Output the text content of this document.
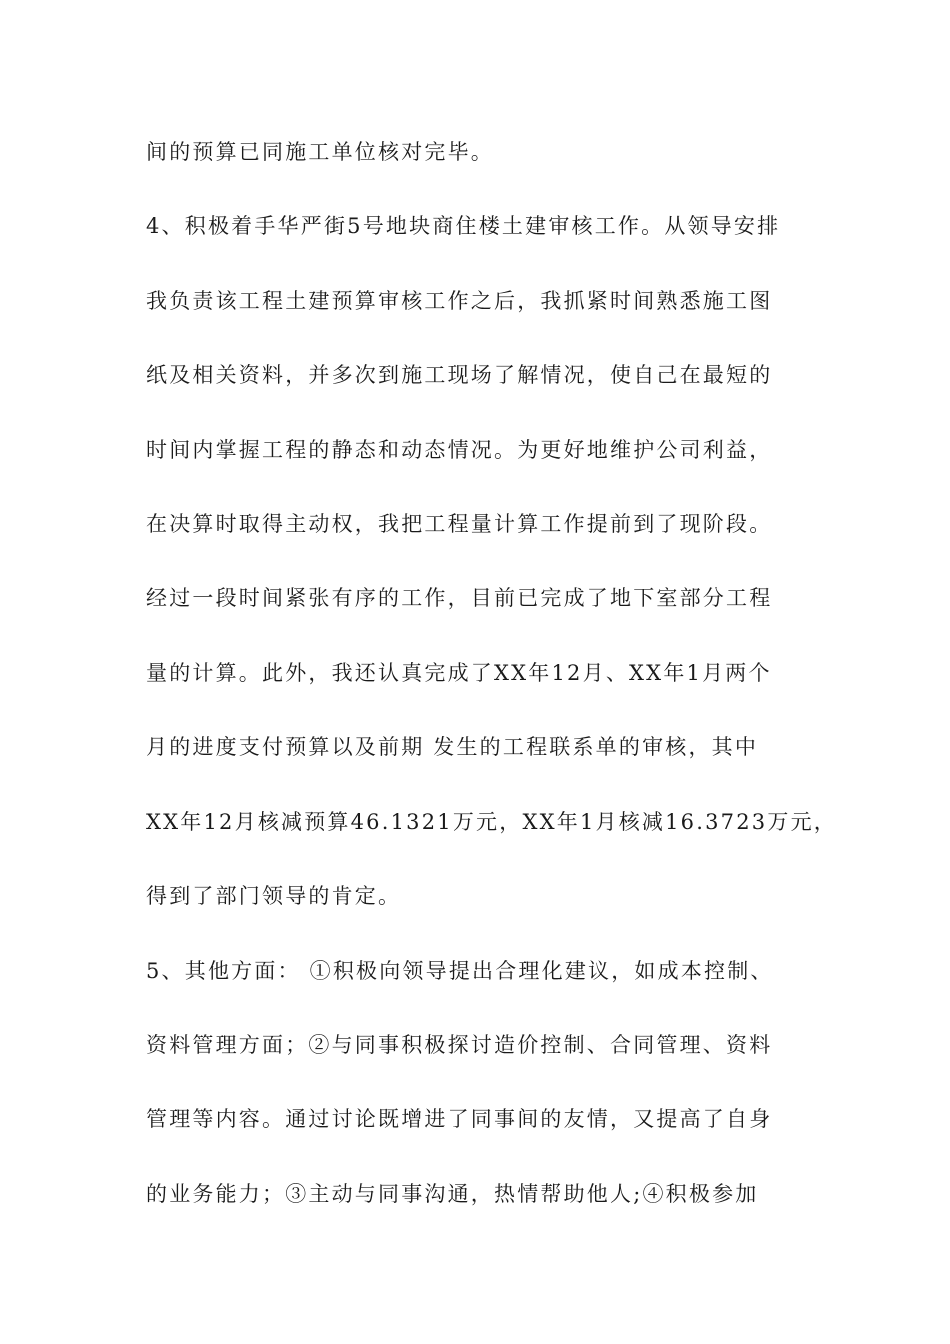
间的预算已同施工单位核对完毕。
4、积极着手华严街5号地块商住楼土建审核工作。从领导安排
我负责该工程土建预算审核工作之后，我抓紧时间熟悉施工图
纸及相关资料，并多次到施工现场了解情况，使自己在最短的
时间内掌握工程的静态和动态情况。为更好地维护公司利益，
在决算时取得主动权，我把工程量计算工作提前到了现阶段。
经过一段时间紧张有序的工作，目前已完成了地下室部分工程
量的计算。此外，我还认真完成了XX年12月、XX年1月两个
月的进度支付预算以及前期 发生的工程联系单的审核，其中
XX年12月核减预算46.1321万元，XX年1月核减16.3723万元，
得到了部门领导的肯定。
5、其他方面： ①积极向领导提出合理化建议，如成本控制、
资料管理方面；②与同事积极探讨造价控制、合同管理、资料
管理等内容。通过讨论既增进了同事间的友情，又提高了自身
的业务能力；③主动与同事沟通，热情帮助他人;④积极参加
